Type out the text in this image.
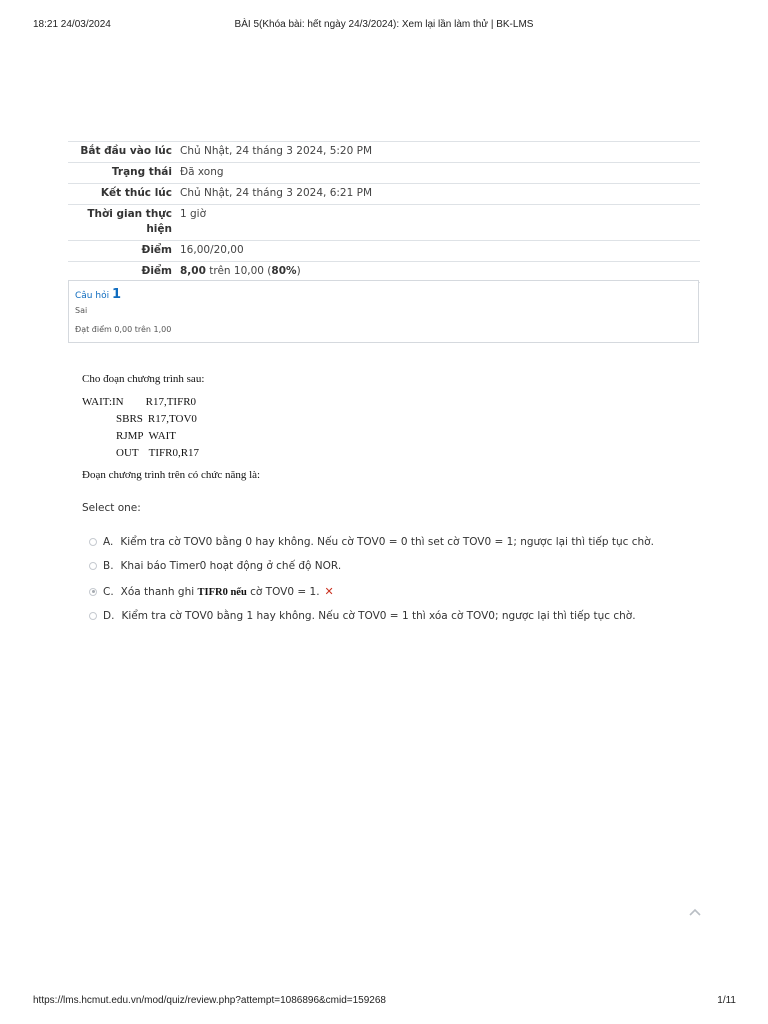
18:21 24/03/2024	BÀI 5(Khóa bài: hết ngày 24/3/2024): Xem lại lần làm thử | BK-LMS
Bắt đầu vào lúc	Chủ Nhật, 24 tháng 3 2024, 5:20 PM
Trạng thái	Đã xong
Kết thúc lúc	Chủ Nhật, 24 tháng 3 2024, 6:21 PM
Thời gian thực hiện	1 giờ
Điểm	16,00/20,00
Điểm	8,00 trên 10,00 (80%)
Câu hỏi 1
Sai
Đạt điểm 0,00 trên 1,00
Cho đoạn chương trình sau:
WAIT:IN R17,TIFR0
SBRS R17,TOV0
RJMP WAIT
OUT TIFR0,R17
Đoạn chương trình trên có chức năng là:
Select one:
A. Kiểm tra cờ TOV0 bằng 0 hay không. Nếu cờ TOV0 = 0 thì set cờ TOV0 = 1; ngược lại thì tiếp tục chờ.
B. Khai báo Timer0 hoạt động ở chế độ NOR.
C. Xóa thanh ghi TIFR0 nếu cờ TOV0 = 1. ✕
D. Kiểm tra cờ TOV0 bằng 1 hay không. Nếu cờ TOV0 = 1 thì xóa cờ TOV0; ngược lại thì tiếp tục chờ.
https://lms.hcmut.edu.vn/mod/quiz/review.php?attempt=1086896&cmid=159268	1/11
